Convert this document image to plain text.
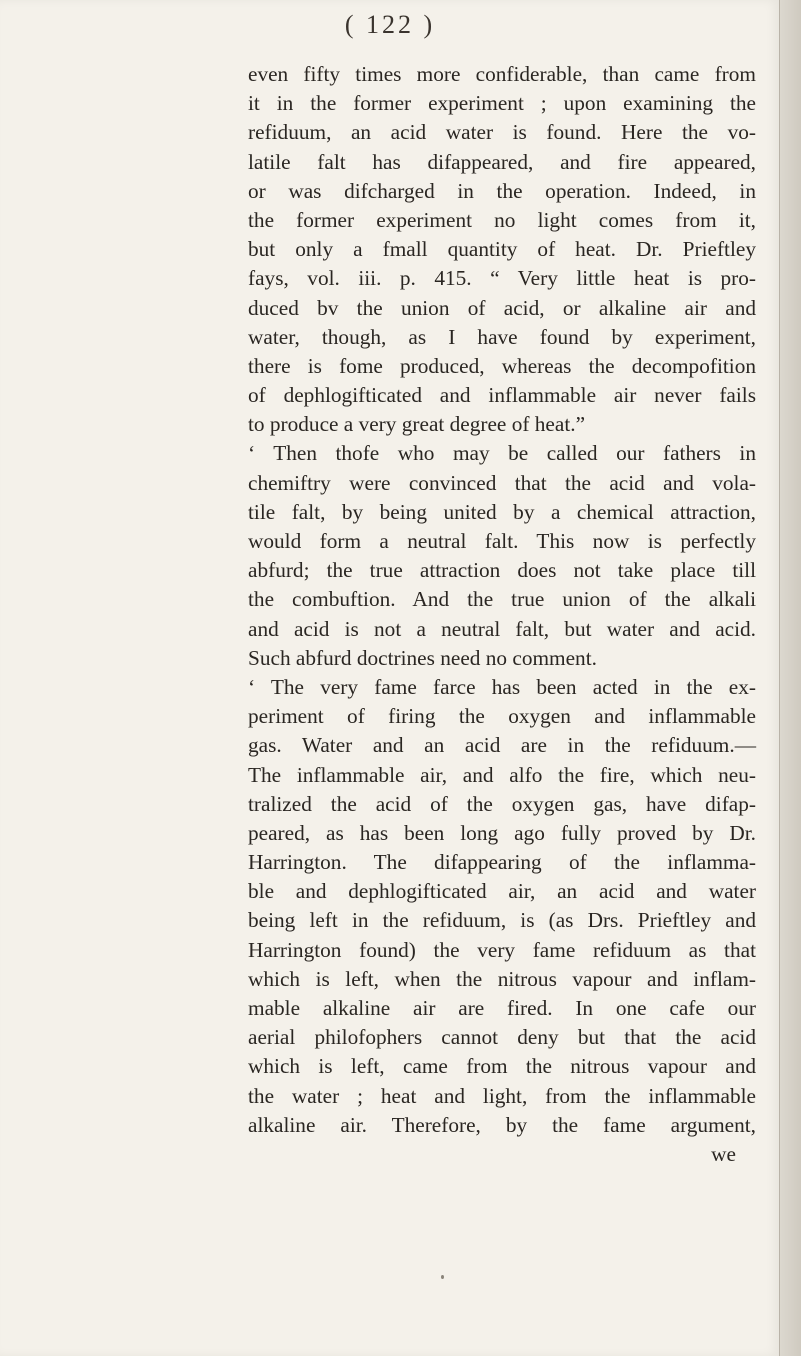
( 122 )
even fifty times more confiderable, than came from
it in the former experiment ; upon examining the
refiduum, an acid water is found. Here the vo-
latile falt has difappeared, and fire appeared,
or was difcharged in the operation. Indeed, in
the former experiment no light comes from it,
but only a fmall quantity of heat. Dr. Prieftley
fays, vol. iii. p. 415. “ Very little heat is pro-
duced bv the union of acid, or alkaline air and
water, though, as I have found by experiment,
there is fome produced, whereas the decompofition
of dephlogifticated and inflammable air never fails
to produce a very great degree of heat.”
‘ Then thofe who may be called our fathers in
chemiftry were convinced that the acid and vola-
tile falt, by being united by a chemical attraction,
would form a neutral falt. This now is perfectly
abfurd; the true attraction does not take place till
the combuftion. And the true union of the alkali
and acid is not a neutral falt, but water and acid.
Such abfurd doctrines need no comment.
‘ The very fame farce has been acted in the ex-
periment of firing the oxygen and inflammable
gas. Water and an acid are in the refiduum.—
The inflammable air, and alfo the fire, which neu-
tralized the acid of the oxygen gas, have difap-
peared, as has been long ago fully proved by Dr.
Harrington. The difappearing of the inflamma-
ble and dephlogifticated air, an acid and water
being left in the refiduum, is (as Drs. Prieftley and
Harrington found) the very fame refiduum as that
which is left, when the nitrous vapour and inflam-
mable alkaline air are fired. In one cafe our
aerial philofophers cannot deny but that the acid
which is left, came from the nitrous vapour and
the water ; heat and light, from the inflammable
alkaline air. Therefore, by the fame argument,
we
